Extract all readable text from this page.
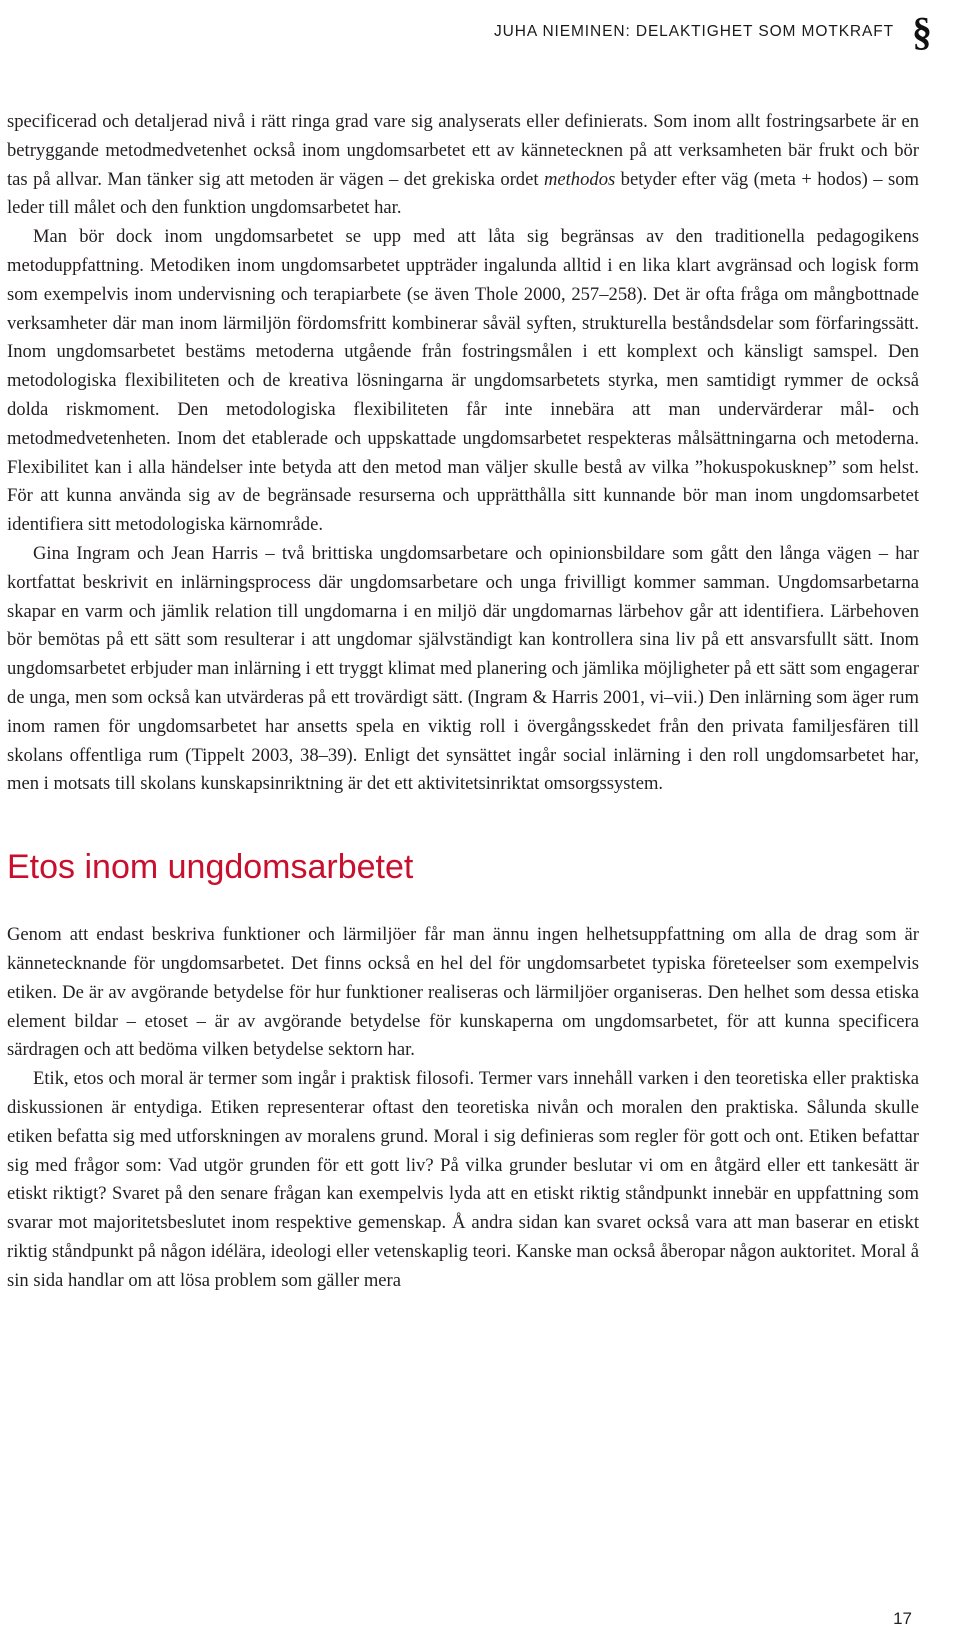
JUHA NIEMINEN: DELAKTIGHET SOM MOTKRAFT §

specificerad och detaljerad nivå i rätt ringa grad vare sig analyserats eller definierats. Som inom allt fostringsarbete är en betryggande metodmedvetenhet också inom ungdomsarbetet ett av kännetecknen på att verksamheten bär frukt och bör tas på allvar. Man tänker sig att metoden är vägen – det grekiska ordet methodos betyder efter väg (meta + hodos) – som leder till målet och den funktion ungdomsarbetet har.

Man bör dock inom ungdomsarbetet se upp med att låta sig begränsas av den traditionella pedagogikens metoduppfattning. Metodiken inom ungdomsarbetet uppträder ingalunda alltid i en lika klart avgränsad och logisk form som exempelvis inom undervisning och terapiarbete (se även Thole 2000, 257–258). Det är ofta fråga om mångbottnade verksamheter där man inom lärmiljön fördomsfritt kombinerar såväl syften, strukturella beståndsdelar som förfaringssätt. Inom ungdomsarbetet bestäms metoderna utgående från fostringsmålen i ett komplext och känsligt samspel. Den metodologiska flexibiliteten och de kreativa lösningarna är ungdomsarbetets styrka, men samtidigt rymmer de också dolda riskmoment. Den metodologiska flexibiliteten får inte innebära att man undervärderar mål- och metodmedvetenheten. Inom det etablerade och uppskattade ungdomsarbetet respekteras målsättningarna och metoderna. Flexibilitet kan i alla händelser inte betyda att den metod man väljer skulle bestå av vilka ”hokuspokusknep” som helst. För att kunna använda sig av de begränsade resurserna och upprätthålla sitt kunnande bör man inom ungdomsarbetet identifiera sitt metodologiska kärnområde.

Gina Ingram och Jean Harris – två brittiska ungdomsarbetare och opinionsbildare som gått den långa vägen – har kortfattat beskrivit en inlärningsprocess där ungdomsarbetare och unga frivilligt kommer samman. Ungdomsarbetarna skapar en varm och jämlik relation till ungdomarna i en miljö där ungdomarnas lärbehov går att identifiera. Lärbehoven bör bemötas på ett sätt som resulterar i att ungdomar självständigt kan kontrollera sina liv på ett ansvarsfullt sätt. Inom ungdomsarbetet erbjuder man inlärning i ett tryggt klimat med planering och jämlika möjligheter på ett sätt som engagerar de unga, men som också kan utvärderas på ett trovärdigt sätt. (Ingram & Harris 2001, vi–vii.) Den inlärning som äger rum inom ramen för ungdomsarbetet har ansetts spela en viktig roll i övergångsskedet från den privata familjesfären till skolans offentliga rum (Tippelt 2003, 38–39). Enligt det synsättet ingår social inlärning i den roll ungdomsarbetet har, men i motsats till skolans kunskapsinriktning är det ett aktivitetsinriktat omsorgssystem.

Etos inom ungdomsarbetet

Genom att endast beskriva funktioner och lärmiljöer får man ännu ingen helhetsuppfattning om alla de drag som är kännetecknande för ungdomsarbetet. Det finns också en hel del för ungdomsarbetet typiska företeelser som exempelvis etiken. De är av avgörande betydelse för hur funktioner realiseras och lärmiljöer organiseras. Den helhet som dessa etiska element bildar – etoset – är av avgörande betydelse för kunskaperna om ungdomsarbetet, för att kunna specificera särdragen och att bedöma vilken betydelse sektorn har.

Etik, etos och moral är termer som ingår i praktisk filosofi. Termer vars innehåll varken i den teoretiska eller praktiska diskussionen är entydiga. Etiken representerar oftast den teoretiska nivån och moralen den praktiska. Sålunda skulle etiken befatta sig med utforskningen av moralens grund. Moral i sig definieras som regler för gott och ont. Etiken befattar sig med frågor som: Vad utgör grunden för ett gott liv? På vilka grunder beslutar vi om en åtgärd eller ett tankesätt är etiskt riktigt? Svaret på den senare frågan kan exempelvis lyda att en etiskt riktig ståndpunkt innebär en uppfattning som svarar mot majoritetsbeslutet inom respektive gemenskap. Å andra sidan kan svaret också vara att man baserar en etiskt riktig ståndpunkt på någon idélära, ideologi eller vetenskaplig teori. Kanske man också åberopar någon auktoritet. Moral å sin sida handlar om att lösa problem som gäller mera

17
